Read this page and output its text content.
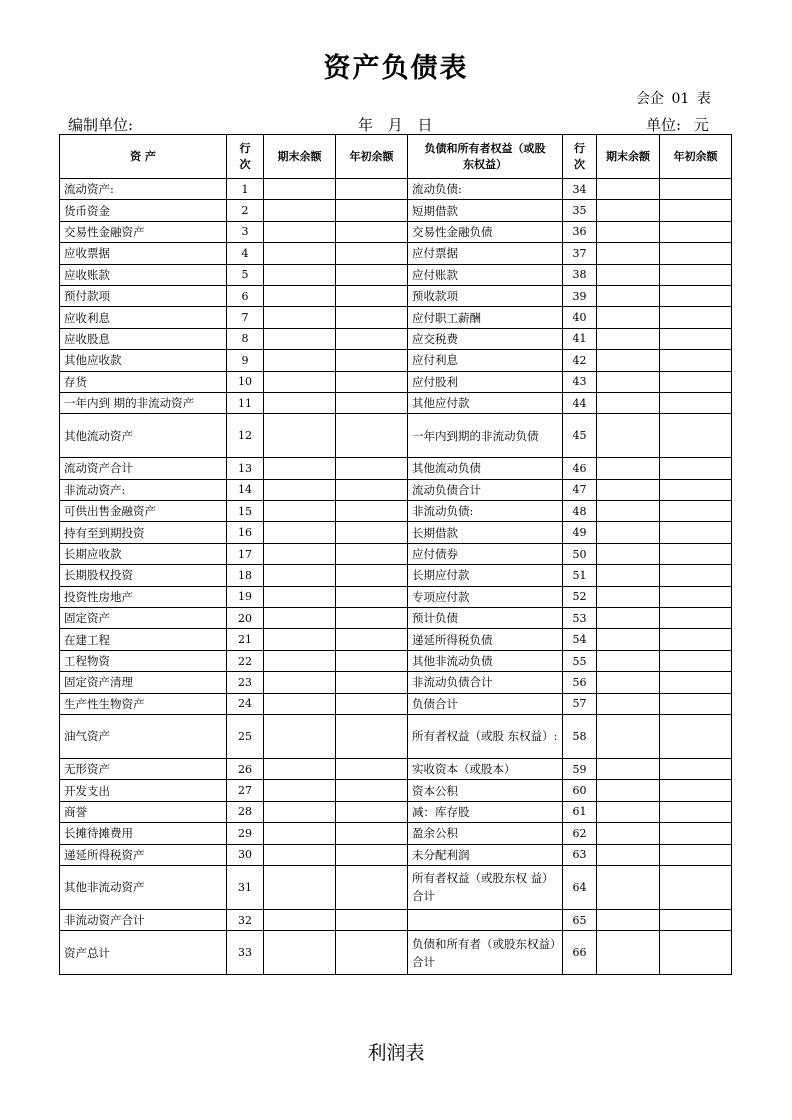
资产负债表
会企 01 表
编制单位:	年 月 日	单位: 元
资 产	行次	期末余额	年初余额	负债和所有者权益（或股东权益）	行次	期末余额	年初余额
流动资产:	1			流动负债:	34		
货币资金	2			短期借款	35		
交易性金融资产	3			交易性金融负债	36		
应收票据	4			应付票据	37		
应收账款	5			应付账款	38		
预付款项	6			预收款项	39		
应收利息	7			应付职工薪酬	40		
应收股息	8			应交税费	41		
其他应收款	9			应付利息	42		
存货	10			应付股利	43		
一年内到 期的非流动资产	11			其他应付款	44		
其他流动资产	12			一年内到期的非流动负债	45		
流动资产合计	13			其他流动负债	46		
非流动资产:	14			流动负债合计	47		
可供出售金融资产	15			非流动负债:	48		
持有至到期投资	16			长期借款	49		
长期应收款	17			应付债券	50		
长期股权投资	18			长期应付款	51		
投资性房地产	19			专项应付款	52		
固定资产	20			预计负债	53		
在建工程	21			递延所得税负债	54		
工程物资	22			其他非流动负债	55		
固定资产清理	23			非流动负债合计	56		
生产性生物资产	24			负债合计	57		
油气资产	25			所有者权益（或股 东权益）:	58		
无形资产	26			实收资本（或股本）	59		
开发支出	27			资本公积	60		
商誉	28			减：库存股	61		
长摊待摊费用	29			盈余公积	62		
递延所得税资产	30			未分配利润	63		
其他非流动资产	31			所有者权益（或股东权 益）合计	64		
非流动资产合计	32				65		
资产总计	33			负债和所有者（或股东权益）合计	66		
利润表
